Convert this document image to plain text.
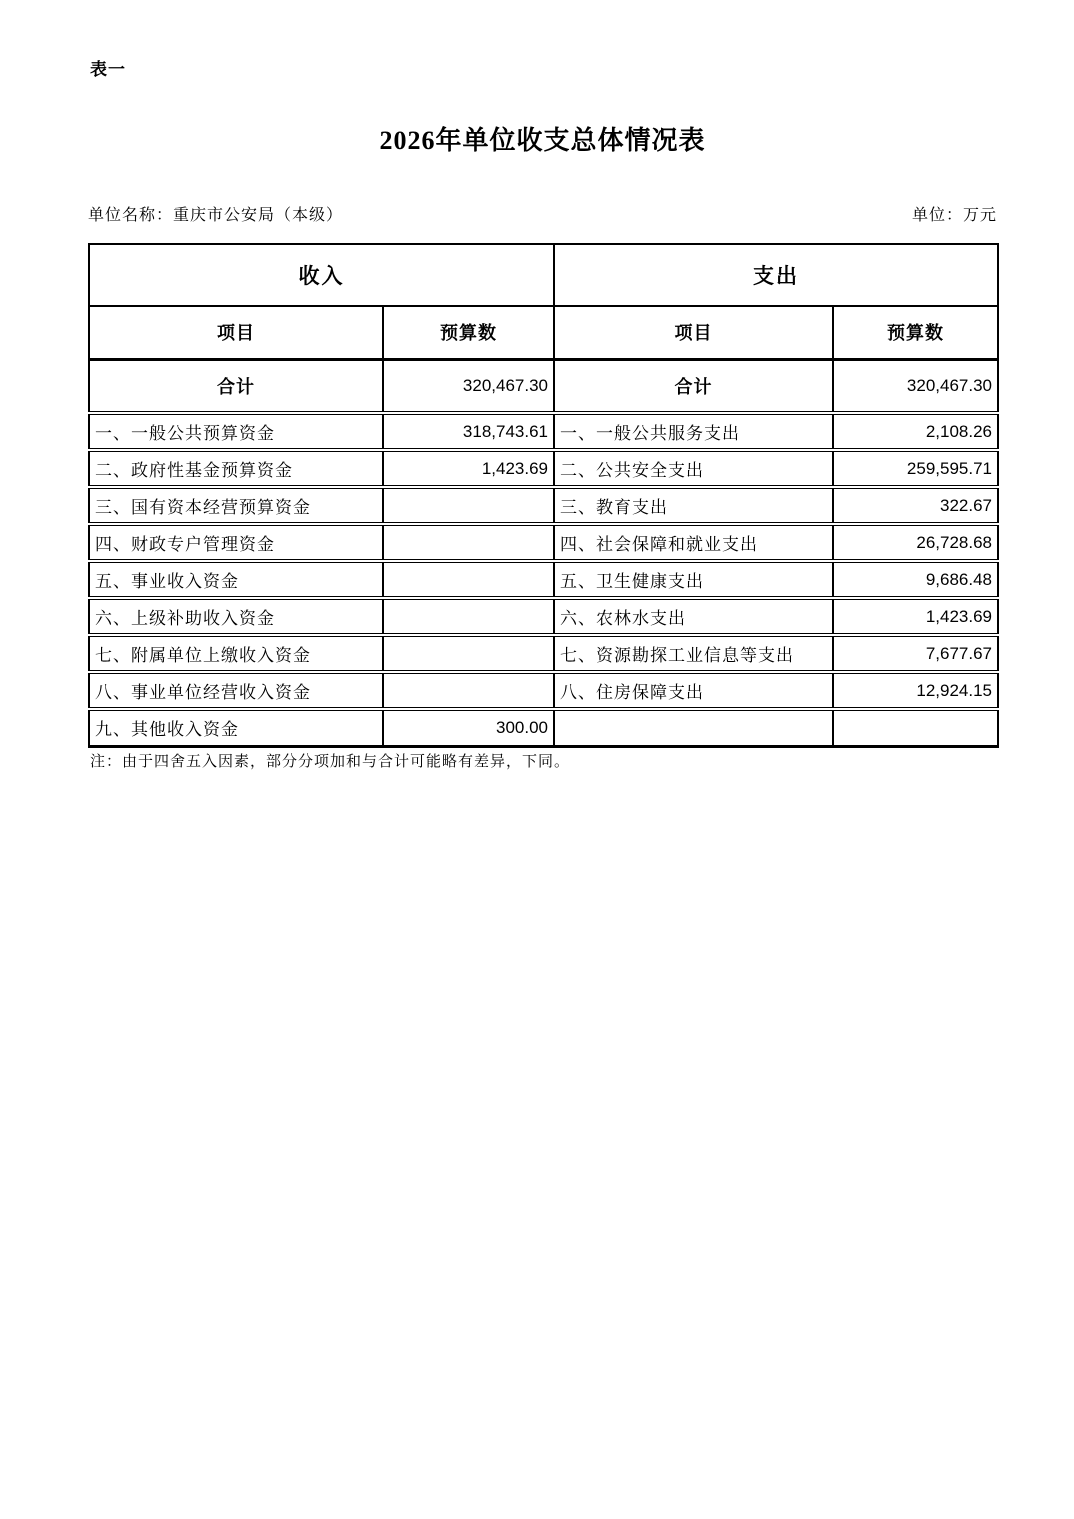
表一
2026年单位收支总体情况表
单位名称：重庆市公安局（本级）	单位：万元
收入		支出	
项目	预算数	项目	预算数
合计	320,467.30	合计	320,467.30

一、一般公共预算资金	318,743.61	一、一般公共服务支出	2,108.26

二、政府性基金预算资金	1,423.69	二、公共安全支出	259,595.71

三、国有资本经营预算资金		三、教育支出	322.67

四、财政专户管理资金		四、社会保障和就业支出	26,728.68

五、事业收入资金		五、卫生健康支出	9,686.48

六、上级补助收入资金		六、农林水支出	1,423.69

七、附属单位上缴收入资金		七、资源勘探工业信息等支出	7,677.67

八、事业单位经营收入资金		八、住房保障支出	12,924.15

九、其他收入资金	300.00	

注：由于四舍五入因素，部分分项加和与合计可能略有差异，下同。
